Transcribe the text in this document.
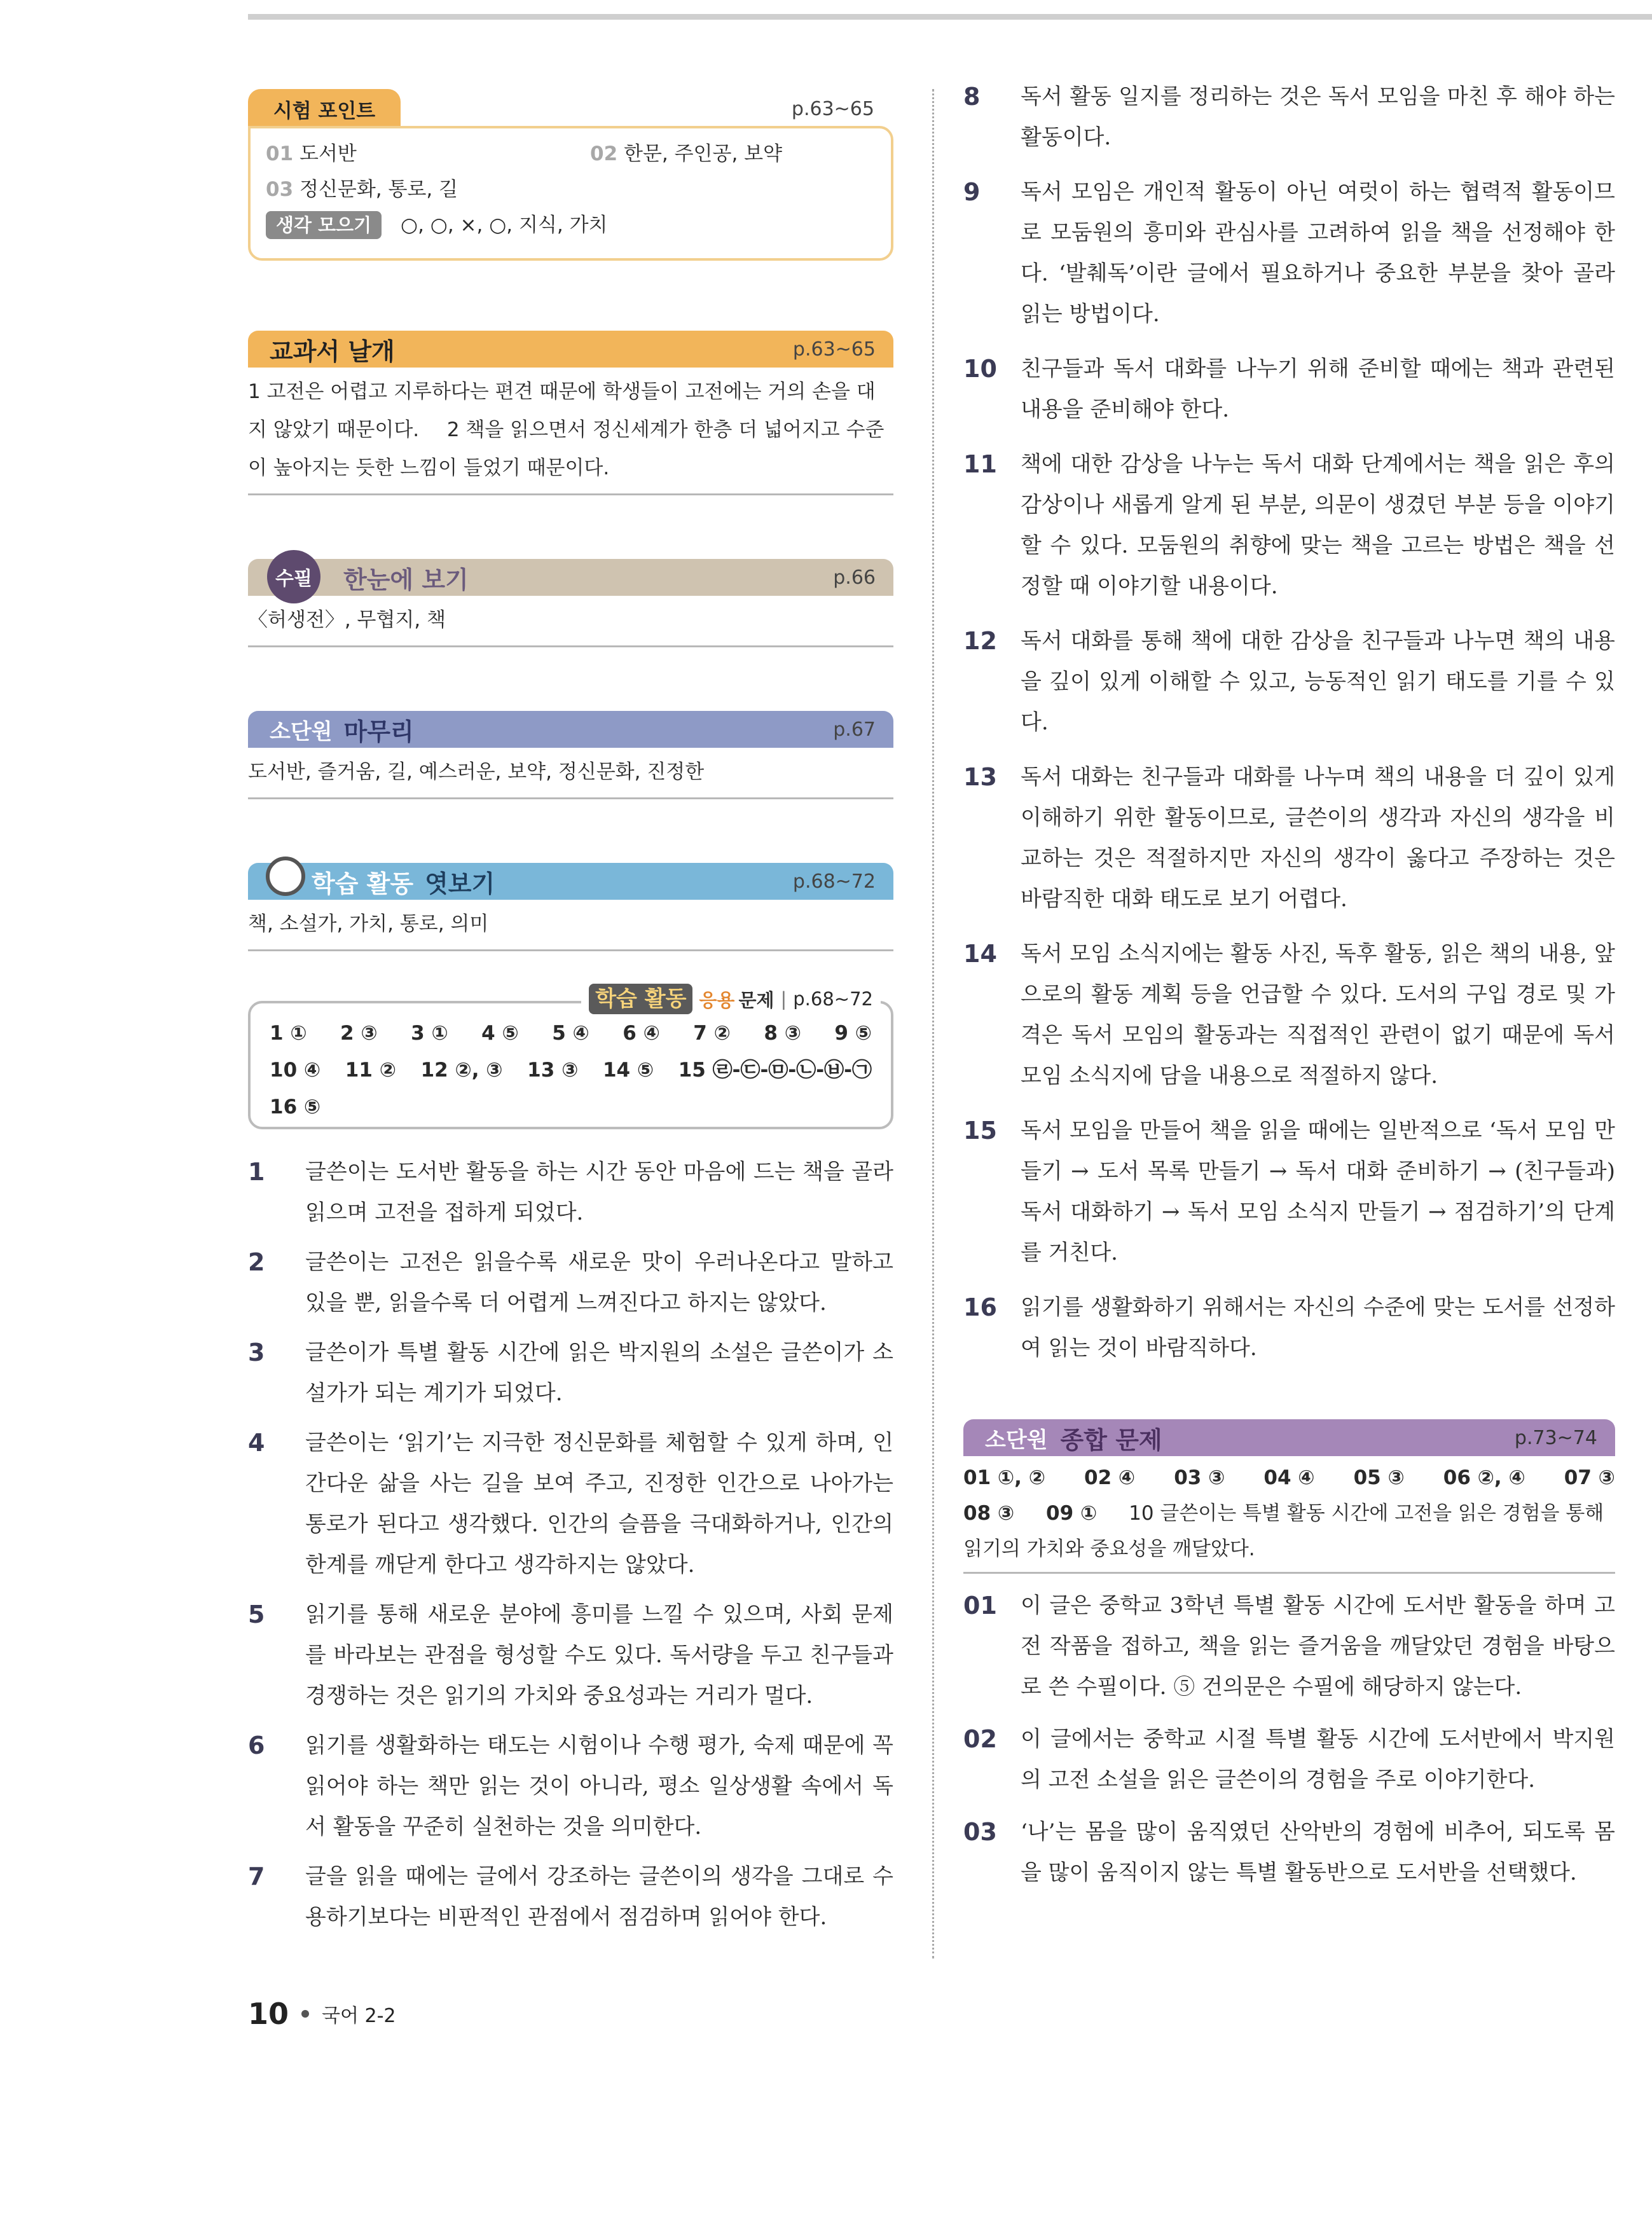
시험 포인트	p.63~65
01 도서반	02 한문, 주인공, 보약
03 정신문화, 통로, 길
생각 모으기 ○, ○, ×, ○, 지식, 가치
교과서 날개	p.63~65
1 고전은 어렵고 지루하다는 편견 때문에 학생들이 고전에는 거의 손을 대지 않았기 때문이다. 2 책을 읽으면서 정신세계가 한층 더 넓어지고 수준이 높아지는 듯한 느낌이 들었기 때문이다.
수필	한눈에 보기	p.66
〈허생전〉, 무협지, 책
소단원 마무리	p.67
도서반, 즐거움, 길, 예스러운, 보약, 정신문화, 진정한
학습 활동 엿보기	p.68~72
책, 소설가, 가치, 통로, 의미
1 ① 2 ③ 3 ① 4 ⑤ 5 ④ 6 ④ 7 ② 8 ③ 9 ⑤
10 ④ 11 ② 12 ②, ③ 13 ③ 14 ⑤ 15 ㉣-㉢-㉤-㉡-㉥-㉠
16 ⑤
학습 활동 응용 문제 | p.68~72
1	글쓴이는 도서반 활동을 하는 시간 동안 마음에 드는 책을 골라 읽으며 고전을 접하게 되었다.
2	글쓴이는 고전은 읽을수록 새로운 맛이 우러나온다고 말하고 있을 뿐, 읽을수록 더 어렵게 느껴진다고 하지는 않았다.
3	글쓴이가 특별 활동 시간에 읽은 박지원의 소설은 글쓴이가 소설가가 되는 계기가 되었다.
4	글쓴이는 ‘읽기’는 지극한 정신문화를 체험할 수 있게 하며, 인간다운 삶을 사는 길을 보여 주고, 진정한 인간으로 나아가는 통로가 된다고 생각했다. 인간의 슬픔을 극대화하거나, 인간의 한계를 깨닫게 한다고 생각하지는 않았다.
5	읽기를 통해 새로운 분야에 흥미를 느낄 수 있으며, 사회 문제를 바라보는 관점을 형성할 수도 있다. 독서량을 두고 친구들과 경쟁하는 것은 읽기의 가치와 중요성과는 거리가 멀다.
6	읽기를 생활화하는 태도는 시험이나 수행 평가, 숙제 때문에 꼭 읽어야 하는 책만 읽는 것이 아니라, 평소 일상생활 속에서 독서 활동을 꾸준히 실천하는 것을 의미한다.
7	글을 읽을 때에는 글에서 강조하는 글쓴이의 생각을 그대로 수용하기보다는 비판적인 관점에서 점검하며 읽어야 한다.
8	독서 활동 일지를 정리하는 것은 독서 모임을 마친 후 해야 하는 활동이다.
9	독서 모임은 개인적 활동이 아닌 여럿이 하는 협력적 활동이므로 모둠원의 흥미와 관심사를 고려하여 읽을 책을 선정해야 한다. ‘발췌독’이란 글에서 필요하거나 중요한 부분을 찾아 골라 읽는 방법이다.
10	친구들과 독서 대화를 나누기 위해 준비할 때에는 책과 관련된 내용을 준비해야 한다.
11	책에 대한 감상을 나누는 독서 대화 단계에서는 책을 읽은 후의 감상이나 새롭게 알게 된 부분, 의문이 생겼던 부분 등을 이야기할 수 있다. 모둠원의 취향에 맞는 책을 고르는 방법은 책을 선정할 때 이야기할 내용이다.
12	독서 대화를 통해 책에 대한 감상을 친구들과 나누면 책의 내용을 깊이 있게 이해할 수 있고, 능동적인 읽기 태도를 기를 수 있다.
13	독서 대화는 친구들과 대화를 나누며 책의 내용을 더 깊이 있게 이해하기 위한 활동이므로, 글쓴이의 생각과 자신의 생각을 비교하는 것은 적절하지만 자신의 생각이 옳다고 주장하는 것은 바람직한 대화 태도로 보기 어렵다.
14	독서 모임 소식지에는 활동 사진, 독후 활동, 읽은 책의 내용, 앞으로의 활동 계획 등을 언급할 수 있다. 도서의 구입 경로 및 가격은 독서 모임의 활동과는 직접적인 관련이 없기 때문에 독서 모임 소식지에 담을 내용으로 적절하지 않다.
15	독서 모임을 만들어 책을 읽을 때에는 일반적으로 ‘독서 모임 만들기 → 도서 목록 만들기 → 독서 대화 준비하기 → (친구들과) 독서 대화하기 → 독서 모임 소식지 만들기 → 점검하기’의 단계를 거친다.
16	읽기를 생활화하기 위해서는 자신의 수준에 맞는 도서를 선정하여 읽는 것이 바람직하다.
소단원 종합 문제	p.73~74
01 ①, ② 02 ④ 03 ③ 04 ④ 05 ③ 06 ②, ④ 07 ③
08 ③ 09 ① 10 글쓴이는 특별 활동 시간에 고전을 읽은 경험을 통해 읽기의 가치와 중요성을 깨달았다.
01	이 글은 중학교 3학년 특별 활동 시간에 도서반 활동을 하며 고전 작품을 접하고, 책을 읽는 즐거움을 깨달았던 경험을 바탕으로 쓴 수필이다. ⑤ 건의문은 수필에 해당하지 않는다.
02	이 글에서는 중학교 시절 특별 활동 시간에 도서반에서 박지원의 고전 소설을 읽은 글쓴이의 경험을 주로 이야기한다.
03	‘나’는 몸을 많이 움직였던 산악반의 경험에 비추어, 되도록 몸을 많이 움직이지 않는 특별 활동반으로 도서반을 선택했다.
10 국어 2-2
